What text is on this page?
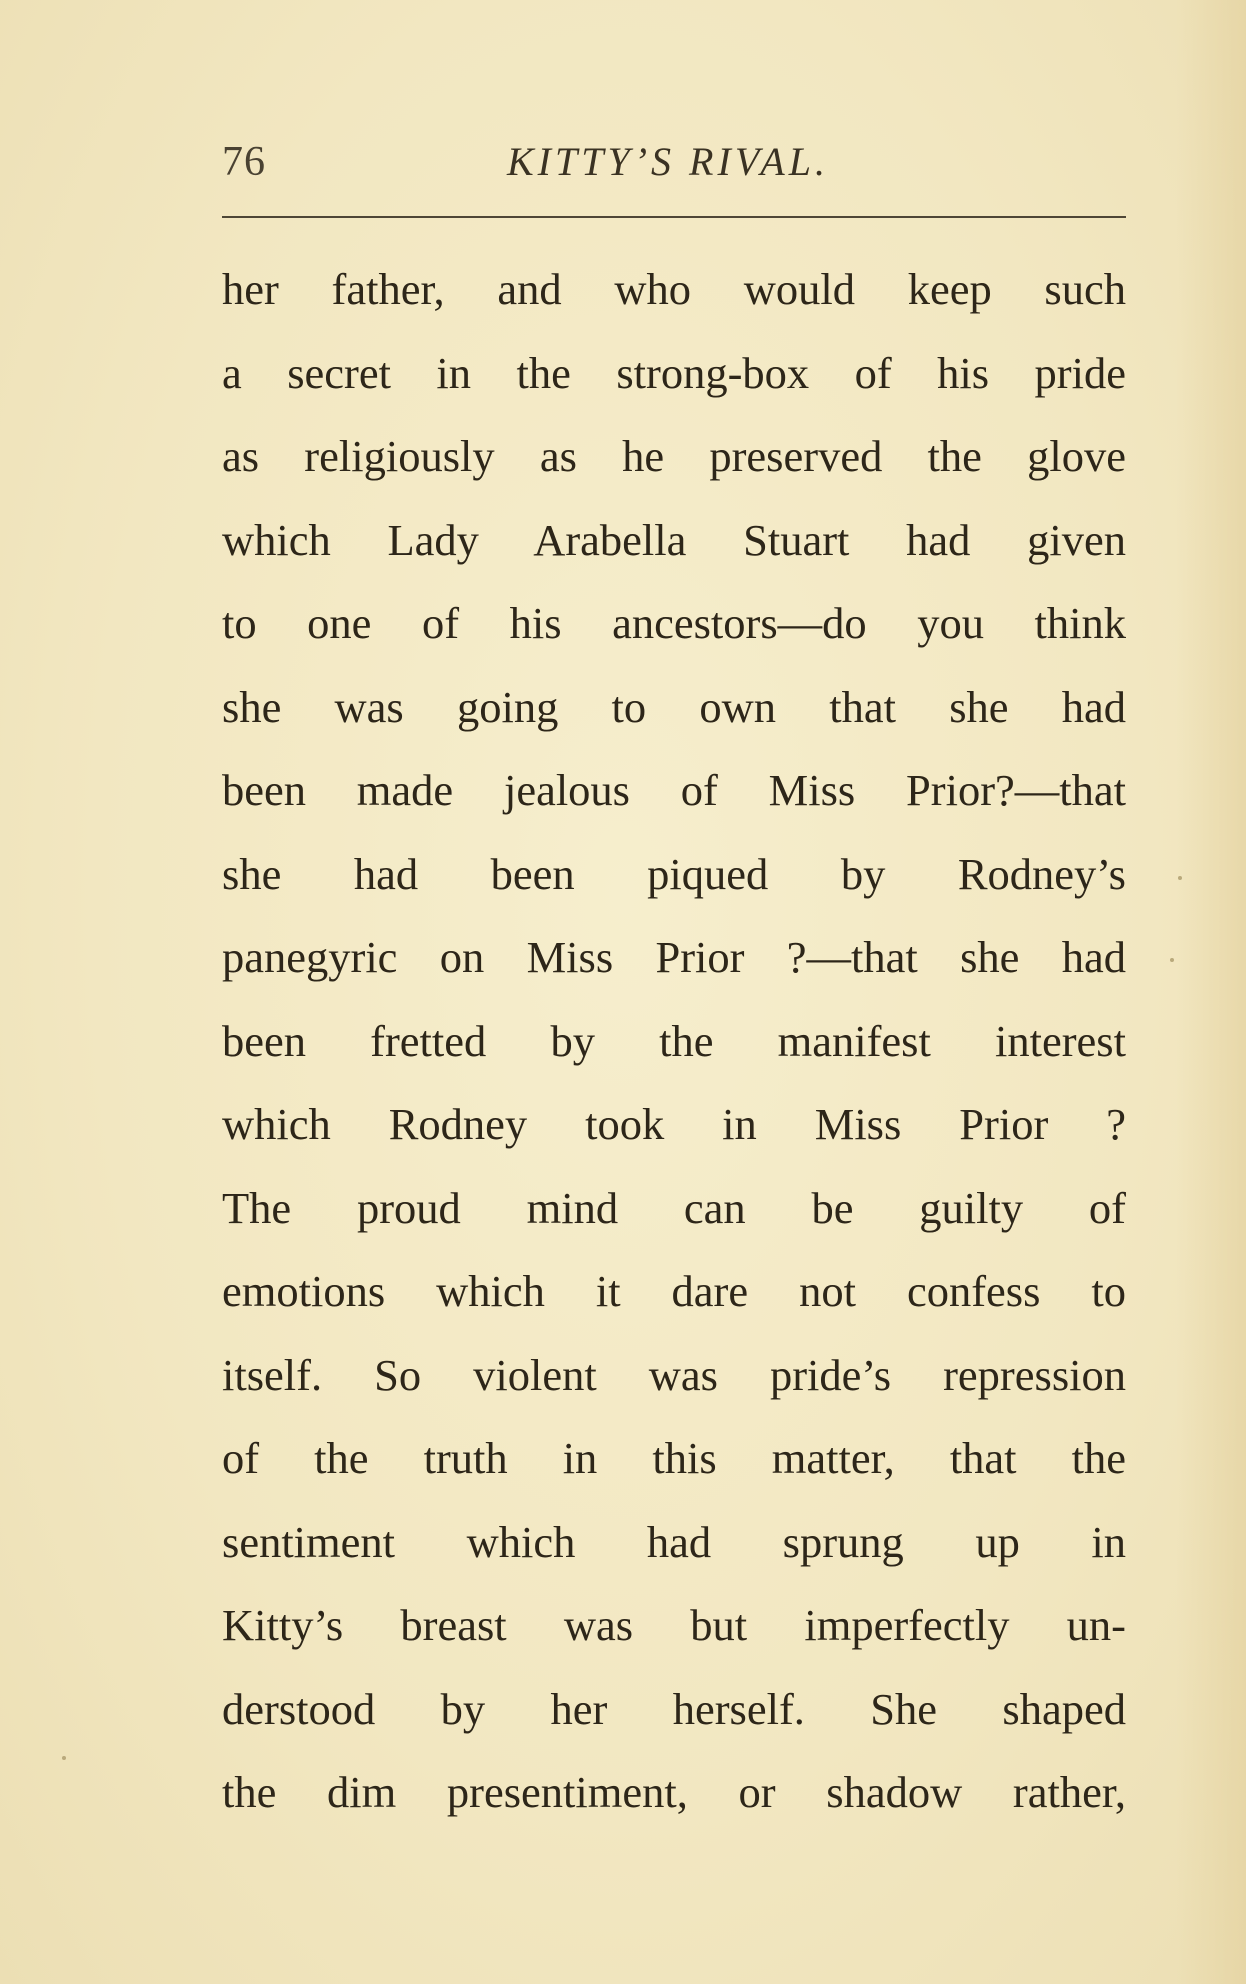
76	KITTY’S RIVAL.
her father, and who would keep such
a secret in the strong-box of his pride
as religiously as he preserved the glove
which Lady Arabella Stuart had given
to one of his ancestors—do you think
she was going to own that she had
been made jealous of Miss Prior?—that
she had been piqued by Rodney’s
panegyric on Miss Prior ?—that she had
been fretted by the manifest interest
which Rodney took in Miss Prior ?
The proud mind can be guilty of
emotions which it dare not confess to
itself. So violent was pride’s repression
of the truth in this matter, that the
sentiment which had sprung up in
Kitty’s breast was but imperfectly un-
derstood by her herself. She shaped
the dim presentiment, or shadow rather,
